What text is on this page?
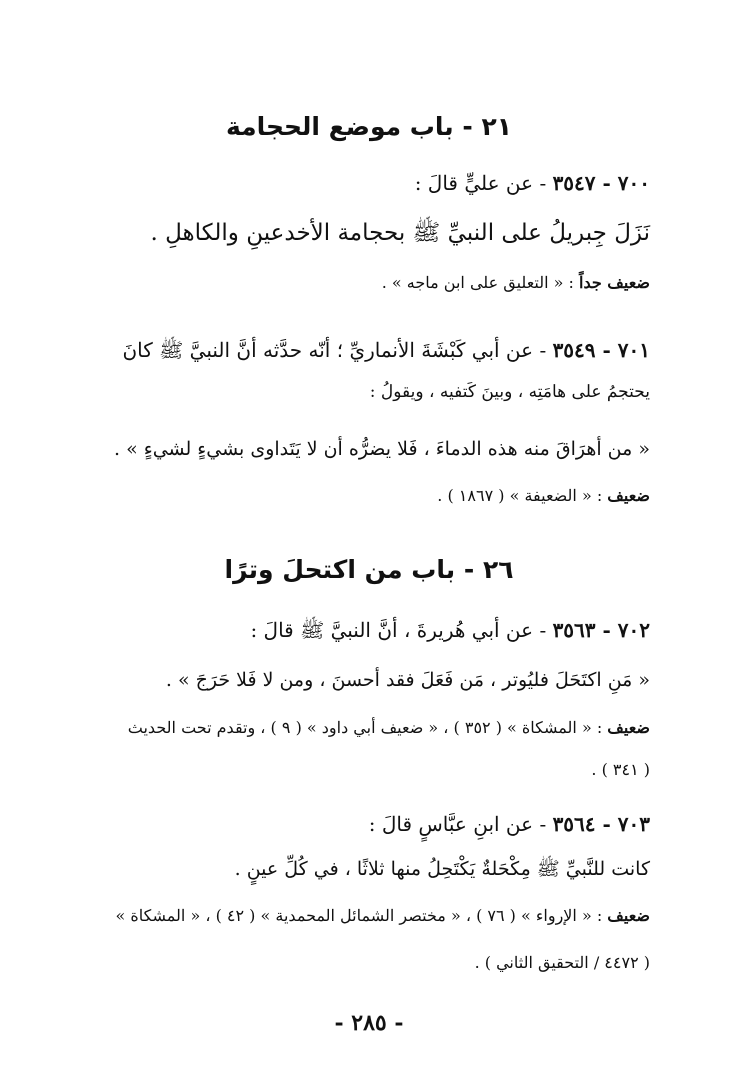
٢١ - باب موضع الحجامة
٧٠٠ - ٣٥٤٧ - عن عليٍّ قالَ :
نَزَلَ جِبريلُ على النبيِّ ﷺ بحجامة الأخدعينِ والكاهلِ .
ضعيف جداً : « التعليق على ابن ماجه » .
٧٠١ - ٣٥٤٩ - عن أبي كَبْشَةَ الأنماريِّ ؛ أنّه حدَّثه أنَّ النبيَّ ﷺ كانَ
يحتجمُ على هامَتِه ، وبينَ كَتفيه ، ويقولُ :
« من أهرَاقَ منه هذه الدماءَ ، فَلا يضرُّه أن لا يَتَداوى بشيءٍ لشيءٍ » .
ضعيف : « الضعيفة » ( ١٨٦٧ ) .
٢٦ - باب من اكتحلَ وترًا
٧٠٢ - ٣٥٦٣ - عن أبي هُريرةَ ، أنَّ النبيَّ ﷺ قالَ :
« مَنِ اكتَحَلَ فليُوتر ، مَن فَعَلَ فقد أحسنَ ، ومن لا فَلا حَرَجَ » .
ضعيف : « المشكاة » ( ٣٥٢ ) ، « ضعيف أبي داود » ( ٩ ) ، وتقدم تحت الحديث
( ٣٤١ ) .
٧٠٣ - ٣٥٦٤ - عن ابنِ عبَّاسٍ قالَ :
كانت للنَّبيِّ ﷺ مِكْحَلةٌ يَكْتَحِلُ منها ثلاثًا ، في كُلِّ عينٍ .
ضعيف : « الإرواء » ( ٧٦ ) ، « مختصر الشمائل المحمدية » ( ٤٢ ) ، « المشكاة »
( ٤٤٧٢ / التحقيق الثاني ) .
- ٢٨٥ -
